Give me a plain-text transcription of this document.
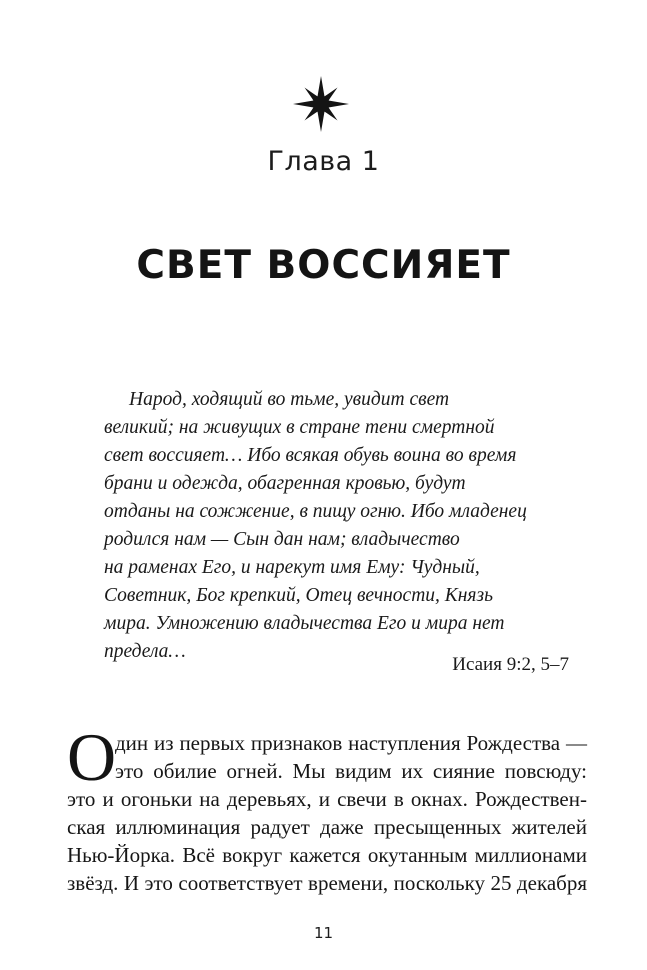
Глава 1
СВЕТ ВОССИЯЕТ
Народ, ходящий во тьме, увидит свет
великий; на живущих в стране тени смертной
свет воссияет… Ибо всякая обувь воина во время
брани и одежда, обагренная кровью, будут
отданы на сожжение, в пищу огню. Ибо младенец
родился нам — Сын дан нам; владычество
на раменах Его, и нарекут имя Ему: Чудный,
Советник, Бог крепкий, Отец вечности, Князь
мира. Умножению владычества Его и мира нет
предела…
Исаия 9:2, 5–7
О
дин из первых признаков наступления Рождества —
это обилие огней. Мы видим их сияние повсюду:
это и огоньки на деревьях, и свечи в окнах. Рождествен-
ская иллюминация радует даже пресыщенных жителей
Нью-Йорка. Всё вокруг кажется окутанным миллионами
звёзд. И это соответствует времени, поскольку 25 декабря
11
